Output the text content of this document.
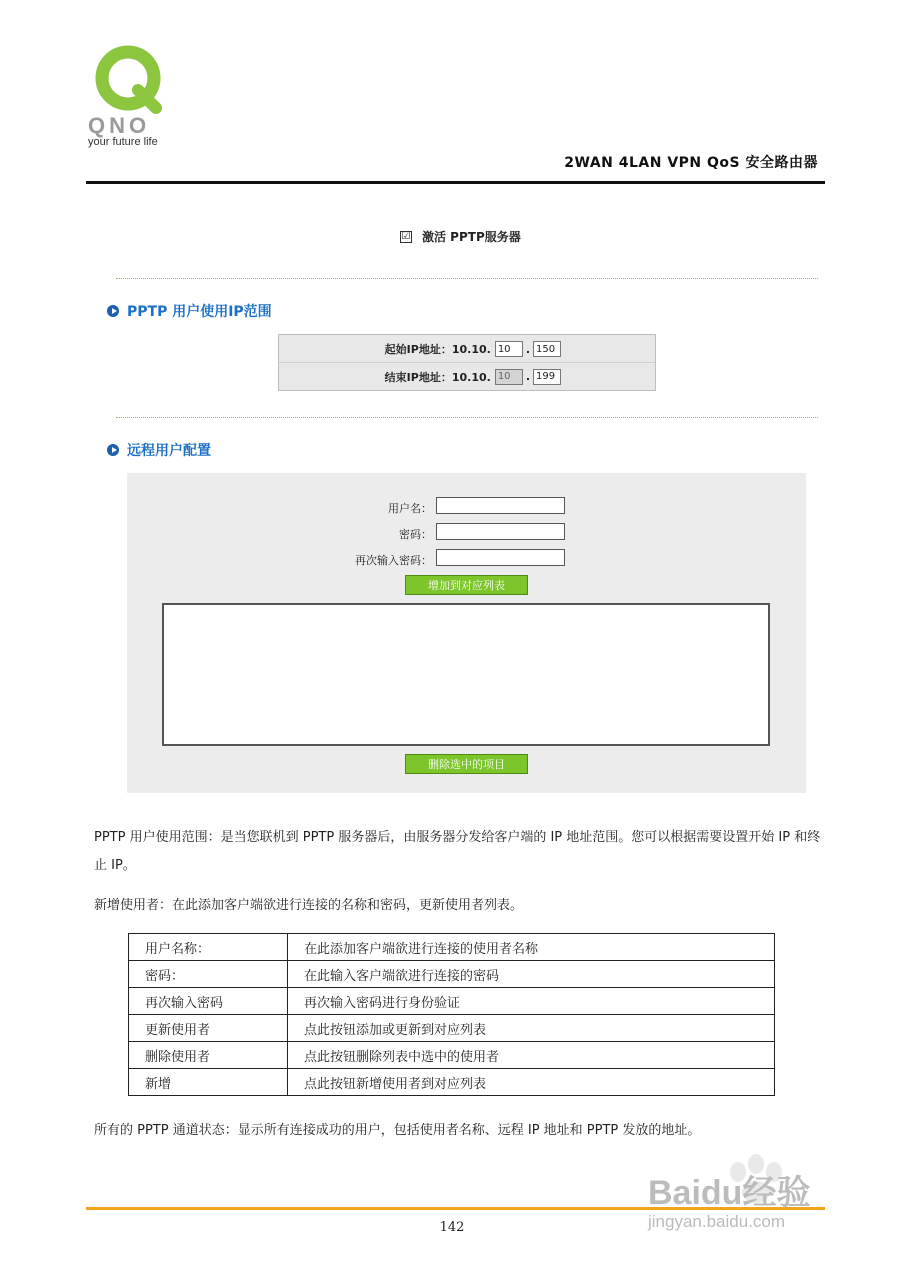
QNO
your future life
2WAN 4LAN VPN QoS 安全路由器
☑ 激活 PPTP服务器
PPTP 用户使用IP范围
起始IP地址：10.10. 10	. 150
结束IP地址：10.10. 10	. 199
远程用户配置
用户名：
密码：
再次输入密码：
增加到对应列表
删除选中的项目
PPTP 用户使用范围：是当您联机到 PPTP 服务器后，由服务器分发给客户端的 IP 地址范围。您可以根据需要设置开始 IP 和终止 IP。
新增使用者：在此添加客户端欲进行连接的名称和密码，更新使用者列表。
用户名称：	在此添加客户端欲进行连接的使用者名称
密码：	在此输入客户端欲进行连接的密码
再次输入密码	再次输入密码进行身份验证
更新使用者	点此按钮添加或更新到对应列表
删除使用者	点此按钮删除列表中选中的使用者
新增	点此按钮新增使用者到对应列表
所有的 PPTP 通道状态：显示所有连接成功的用户，包括使用者名称、远程 IP 地址和 PPTP 发放的地址。
142
Baidu经验
jingyan.baidu.com
